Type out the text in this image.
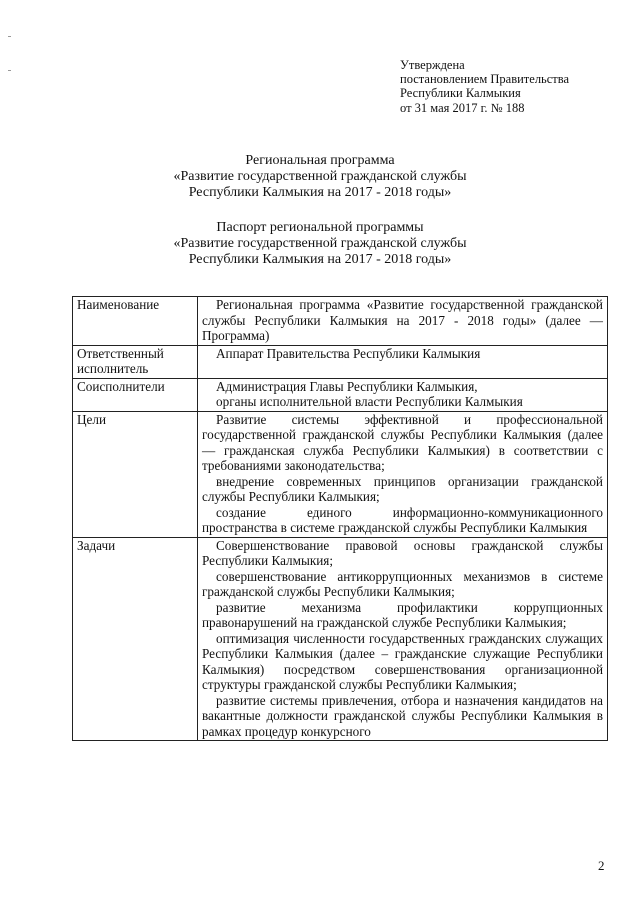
Утверждена
постановлением Правительства
Республики Калмыкия
от 31 мая 2017 г. № 188
Региональная программа
«Развитие государственной гражданской службы
Республики Калмыкия на 2017 - 2018 годы»
Паспорт региональной программы
«Развитие государственной гражданской службы
Республики Калмыкия на 2017 - 2018 годы»
Наименование	Региональная программа «Развитие государственной гражданской службы Республики Калмыкия на 2017 - 2018 годы» (далее — Программа)

Ответственный исполнитель	Аппарат Правительства Республики Калмыкия

Соисполнители	Администрация Главы Республики Калмыкия,

органы исполнительной власти Республики Калмыкия

Цели	Развитие системы эффективной и профессиональной государственной гражданской службы Республики Калмыкия (далее — гражданская служба Республики Калмыкия) в соответствии с требованиями законодательства;

внедрение современных принципов организации гражданской службы Республики Калмыкия;

создание единого информационно-коммуникационного пространства в системе гражданской службы Республики Калмыкия

Задачи	Совершенствование правовой основы гражданской службы Республики Калмыкия;

совершенствование антикоррупционных механизмов в системе гражданской службы Республики Калмыкия;

развитие механизма профилактики коррупционных правонарушений на гражданской службе Республики Калмыкия;

оптимизация численности государственных гражданских служащих Республики Калмыкия (далее – гражданские служащие Республики Калмыкия) посредством совершенствования организационной структуры гражданской службы Республики Калмыкия;

развитие системы привлечения, отбора и назначения кандидатов на вакантные должности гражданской службы Республики Калмыкия в рамках процедур конкурсного

2
